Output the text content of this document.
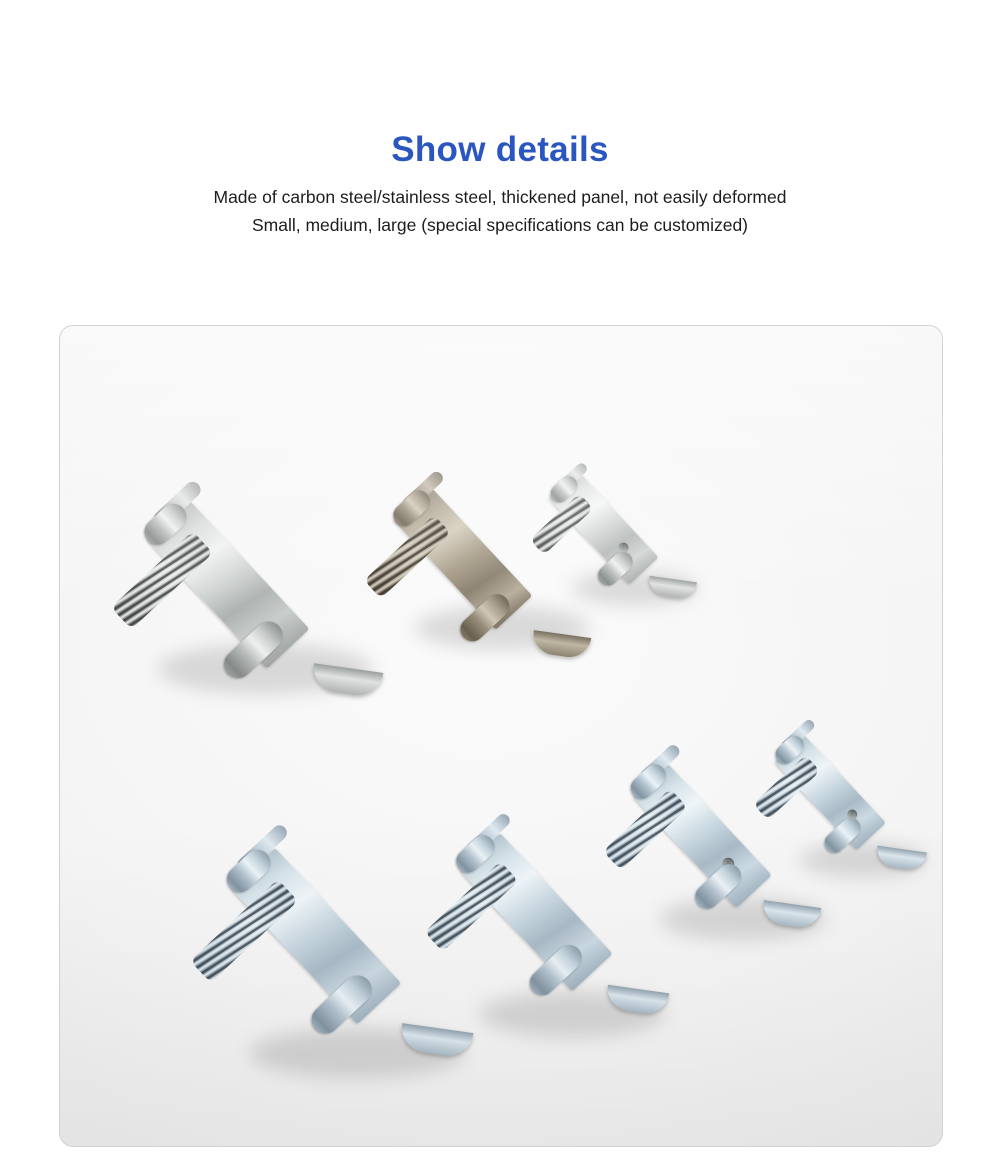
Show details

Made of carbon steel/stainless steel, thickened panel, not easily deformed

Small, medium, large (special specifications can be customized)
